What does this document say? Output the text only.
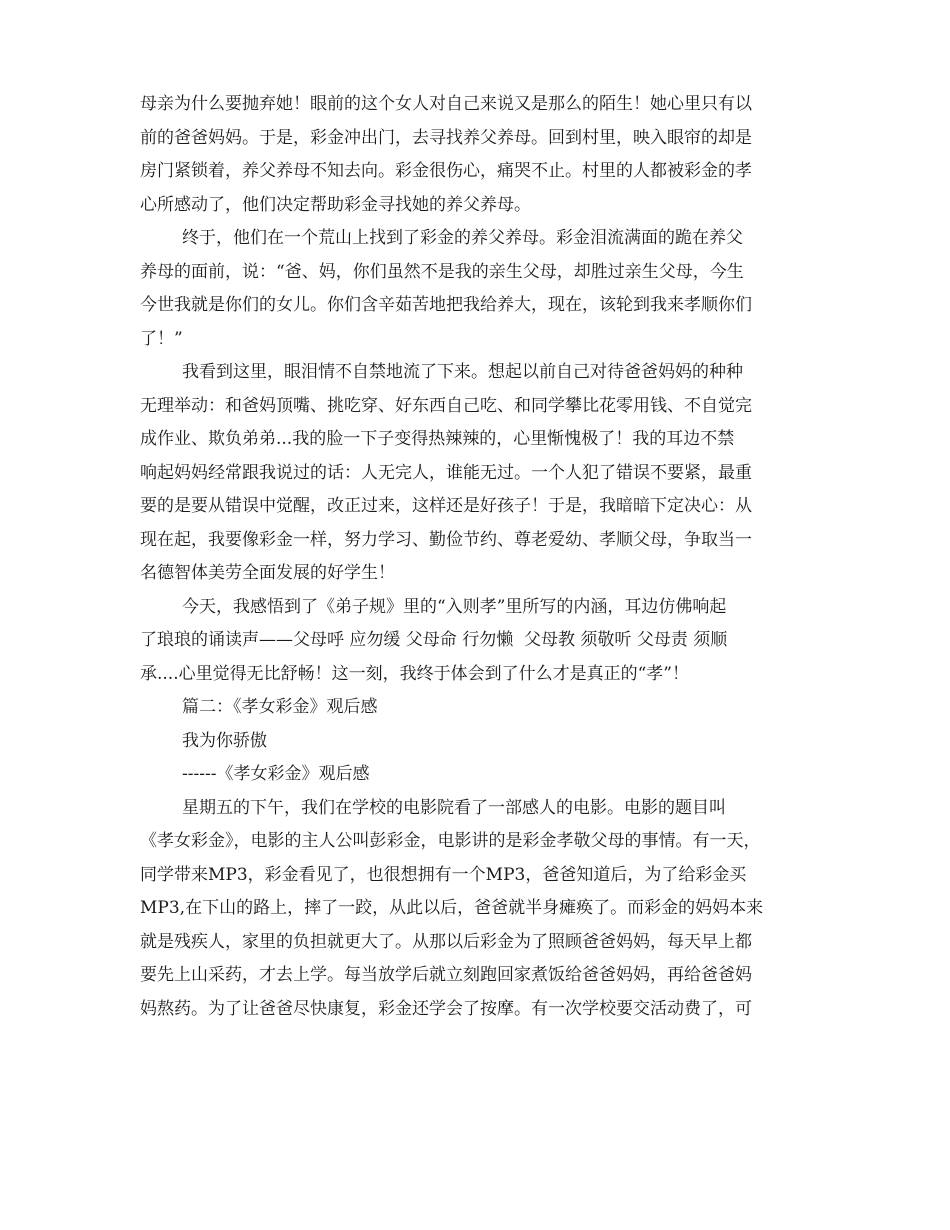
母亲为什么要抛弃她！眼前的这个女人对自己来说又是那么的陌生！她心里只有以
前的爸爸妈妈。于是，彩金冲出门，去寻找养父养母。回到村里，映入眼帘的却是
房门紧锁着，养父养母不知去向。彩金很伤心，痛哭不止。村里的人都被彩金的孝
心所感动了，他们决定帮助彩金寻找她的养父养母。
终于，他们在一个荒山上找到了彩金的养父养母。彩金泪流满面的跪在养父
养母的面前，说：“爸、妈，你们虽然不是我的亲生父母，却胜过亲生父母，今生
今世我就是你们的女儿。你们含辛茹苦地把我给养大，现在，该轮到我来孝顺你们
了！”
我看到这里，眼泪情不自禁地流了下来。想起以前自己对待爸爸妈妈的种种
无理举动：和爸妈顶嘴、挑吃穿、好东西自己吃、和同学攀比花零用钱、不自觉完
成作业、欺负弟弟...我的脸一下子变得热辣辣的，心里惭愧极了！我的耳边不禁
响起妈妈经常跟我说过的话：人无完人，谁能无过。一个人犯了错误不要紧，最重
要的是要从错误中觉醒，改正过来，这样还是好孩子！于是，我暗暗下定决心：从
现在起，我要像彩金一样，努力学习、勤俭节约、尊老爱幼、孝顺父母，争取当一
名德智体美劳全面发展的好学生！
今天，我感悟到了《弟子规》里的“入则孝”里所写的内涵，耳边仿佛响起
了琅琅的诵读声——父母呼 应勿缓 父母命 行勿懒  父母教 须敬听 父母责 须顺
承....心里觉得无比舒畅！这一刻，我终于体会到了什么才是真正的“孝”！
篇二：《孝女彩金》观后感
我为你骄傲
------《孝女彩金》观后感
星期五的下午，我们在学校的电影院看了一部感人的电影。电影的题目叫
《孝女彩金》，电影的主人公叫彭彩金，电影讲的是彩金孝敬父母的事情。有一天，
同学带来MP3，彩金看见了，也很想拥有一个MP3，爸爸知道后，为了给彩金买
MP3,在下山的路上，摔了一跤，从此以后，爸爸就半身瘫痪了。而彩金的妈妈本来
就是残疾人，家里的负担就更大了。从那以后彩金为了照顾爸爸妈妈，每天早上都
要先上山采药，才去上学。每当放学后就立刻跑回家煮饭给爸爸妈妈，再给爸爸妈
妈熬药。为了让爸爸尽快康复，彩金还学会了按摩。有一次学校要交活动费了，可
